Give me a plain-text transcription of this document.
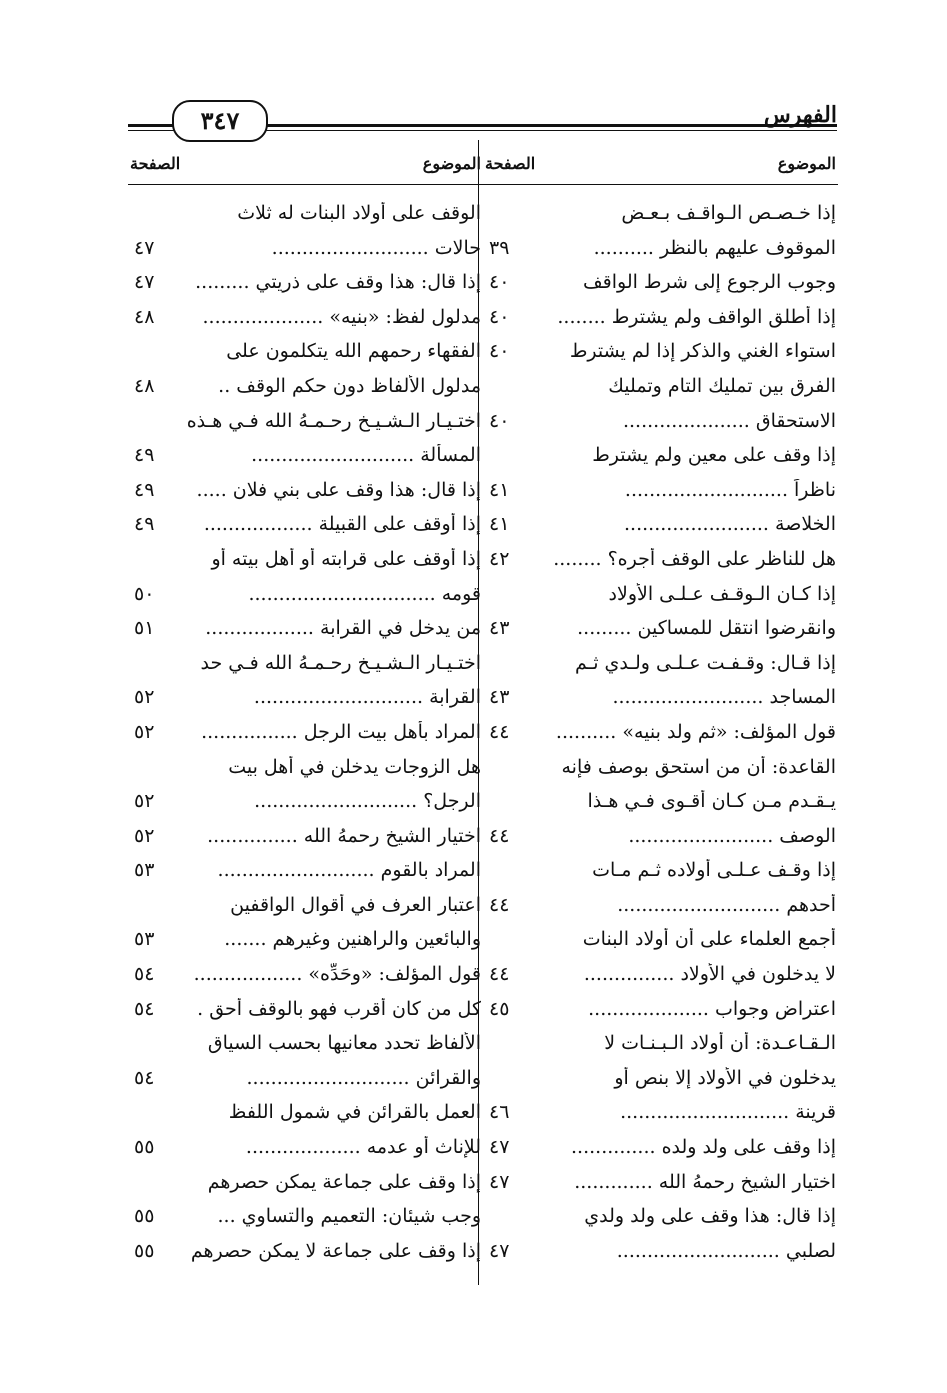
الفهرس
٣٤٧
الموضوع
الصفحة
إذا خـصـص الـواقـف بـعـض
الموقوف عليهم بالنظر ..........
٣٩
وجوب الرجوع إلى شرط الواقف
٤٠
إذا أطلق الواقف ولم يشترط ........
٤٠
استواء الغني والذكر إذا لم يشترط
٤٠
الفرق بين تمليك التام وتمليك
الاستحقاق .....................
٤٠
إذا وقف على معين ولم يشترط
ناظراً ...........................
٤١
الخلاصة ........................
٤١
هل للناظر على الوقف أجره؟ ........
٤٢
إذا كـان الـوقـف عـلـى الأولاد
وانقرضوا انتقل للمساكين .........
٤٣
إذا قـال: وقـفـت عـلـى ولـدي ثـم
المساجد .........................
٤٣
قول المؤلف: «ثم ولد بنيه» ..........
٤٤
القاعدة: أن من استحق بوصف فإنه
يـقـدم مـن كـان أقـوى فـي هـذا
الوصف ........................
٤٤
إذا وقـف عـلـى أولاده ثـم مـات
أحدهم ...........................
٤٤
أجمع العلماء على أن أولاد البنات
لا يدخلون في الأولاد ...............
٤٤
اعتراض وجواب ....................
٤٥
الـقـاعـدة: أن أولاد الـبـنـات لا
يدخلون في الأولاد إلا بنص أو
قرينة ............................
٤٦
إذا وقف على ولد ولده ..............
٤٧
اختيار الشيخ رحمهُ الله .............
٤٧
إذا قال: هذا وقف على ولد ولدي
لصلبي ...........................
٤٧
الموضوع
الصفحة
الوقف على أولاد البنات له ثلاث
حالات ..........................
٤٧
إذا قال: هذا وقف على ذريتي .........
٤٧
مدلول لفظ: «بنيه» ....................
٤٨
الفقهاء رحمهم الله يتكلمون على
مدلول الألفاظ دون حكم الوقف ..
٤٨
اختـيـار الـشـيـخ رحـمـهُ الله فـي هـذه
المسألة ...........................
٤٩
إذا قال: هذا وقف على بني فلان .....
٤٩
إذا أوقف على القبيلة ..................
٤٩
إذا أوقف على قرابته أو أهل بيته أو
قومه ...............................
٥٠
من يدخل في القرابة ..................
٥١
اختـيـار الـشـيـخ رحـمـهُ الله فـي حد
القرابة ............................
٥٢
المراد بأهل بيت الرجل ................
٥٢
هل الزوجات يدخلن في أهل بيت
الرجل؟ ...........................
٥٢
اختيار الشيخ رحمهُ الله ...............
٥٢
المراد بالقوم ..........................
٥٣
اعتبار العرف في أقوال الواقفين
والبائعين والراهنين وغيرهم .......
٥٣
قول المؤلف: «وحَدِّه» ..................
٥٤
كل من كان أقرب فهو بالوقف أحق .
٥٤
الألفاظ تحدد معانيها بحسب السياق
والقرائن ...........................
٥٤
العمل بالقرائن في شمول اللفظ
للإناث أو عدمه ...................
٥٥
إذا وقف على جماعة يمكن حصرهم
وجب شيئان: التعميم والتساوي ...
٥٥
إذا وقف على جماعة لا يمكن حصرهم
٥٥
